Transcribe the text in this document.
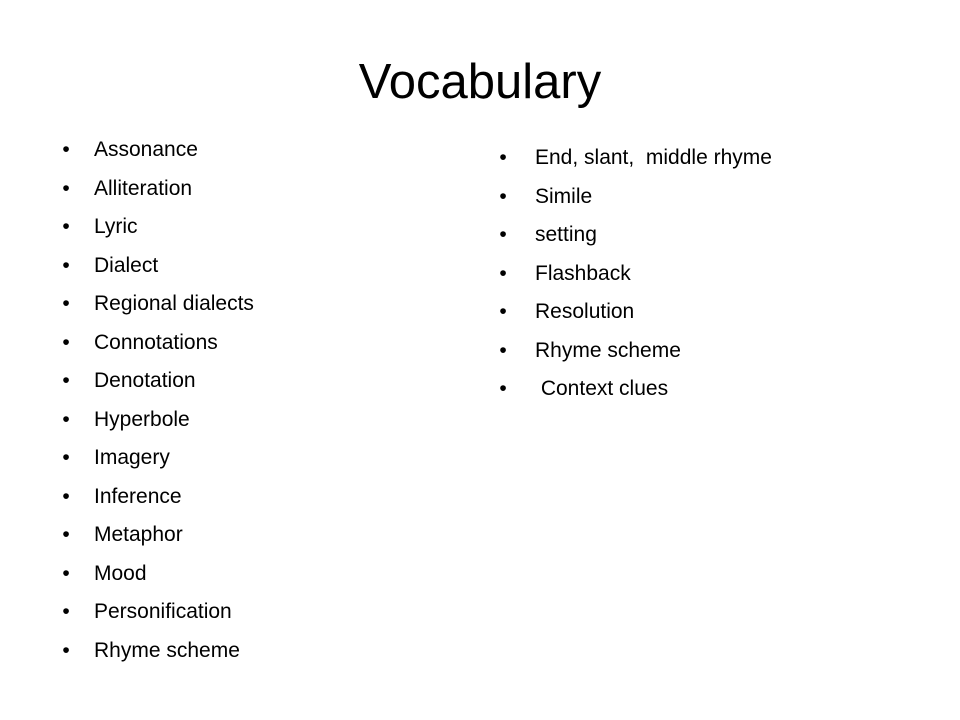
Vocabulary
• Assonance
• Alliteration
• Lyric
• Dialect
• Regional dialects
• Connotations
• Denotation
• Hyperbole
• Imagery
• Inference
• Metaphor
• Mood
• Personification
• Rhyme scheme
• End, slant,  middle rhyme
• Simile
• setting
• Flashback
• Resolution
• Rhyme scheme
• Context clues
